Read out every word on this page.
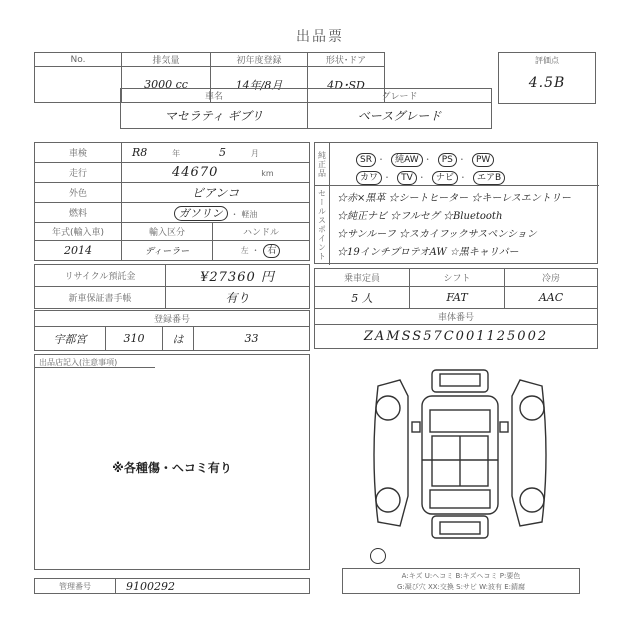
出品票
No.	排気量	初年度登録	形状･ドア	
	3000 cc	14年/8月	4D･SD	
評価点
4.5B
車名	グレード
マセラティ ギブリ	ベースグレード
車検	R8 年 5 月	
走行	44670 km	
外色	ビアンコ	
燃料	ガソリン ・ 軽油	
年式(輸入車)	輸入区分	ハンドル
2014	ディーラー	左 ・ 右
リサイクル預託金	¥27360 円
新車保証書手帳	有り
登録番号
宇都宮	310	は	33
純正品
セールスポイント
SR ・ 純AW ・ PS ・ PW
カワ ・ TV ・ ナビ ・ エアB
☆赤×黒革 ☆シートヒーター ☆キーレスエントリー
☆純正ナビ ☆フルセグ ☆Bluetooth
☆サンルーフ ☆スカイフックサスペンション
☆19インチプロテオAW ☆黒キャリパー
乗車定員	シフト	冷房
5 人	FAT	AAC
車体番号		
ZAMSS57C001125002		
出品店記入(注意事項)
※各種傷・ヘコミ有り
管理番号	9100292
A:キズ U:ヘコミ B:キズヘコミ P:要色
G:凝び穴 XX:交換 S:サビ W:波有 E:錆腐
